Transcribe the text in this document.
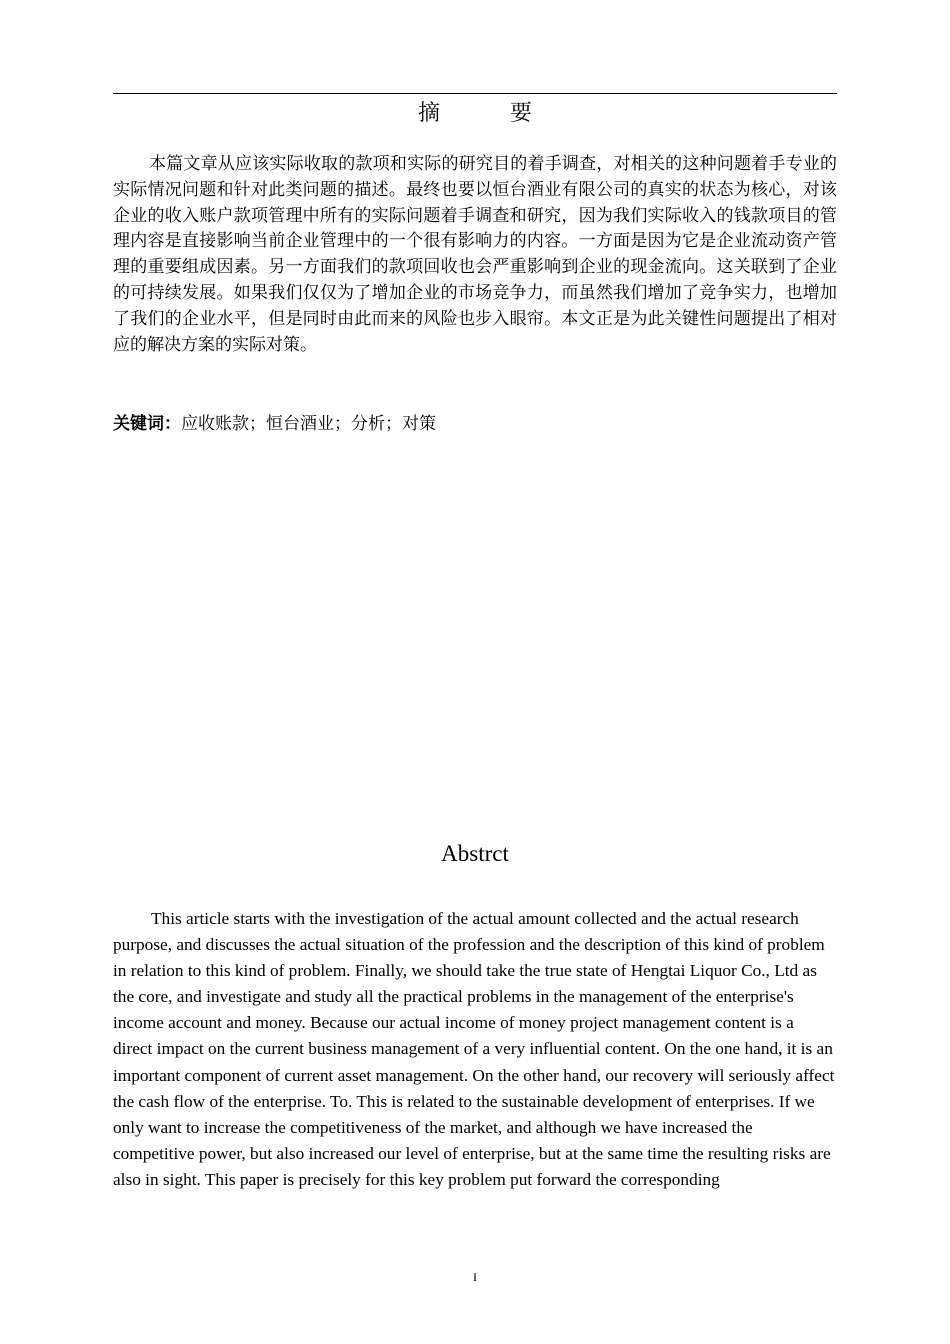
摘　要
本篇文章从应该实际收取的款项和实际的研究目的着手调查，对相关的这种问题着手专业的实际情况问题和针对此类问题的描述。最终也要以恒台酒业有限公司的真实的状态为核心，对该企业的收入账户款项管理中所有的实际问题着手调查和研究，因为我们实际收入的钱款项目的管理内容是直接影响当前企业管理中的一个很有影响力的内容。一方面是因为它是企业流动资产管理的重要组成因素。另一方面我们的款项回收也会严重影响到企业的现金流向。这关联到了企业的可持续发展。如果我们仅仅为了增加企业的市场竞争力，而虽然我们增加了竞争实力，也增加了我们的企业水平，但是同时由此而来的风险也步入眼帘。本文正是为此关键性问题提出了相对应的解决方案的实际对策。
关键词：应收账款；恒台酒业；分析；对策
Abstrct
This article starts with the investigation of the actual amount collected and the actual research purpose, and discusses the actual situation of the profession and the description of this kind of problem in relation to this kind of problem. Finally, we should take the true state of Hengtai Liquor Co., Ltd as the core, and investigate and study all the practical problems in the management of the enterprise's income account and money. Because our actual income of money project management content is a direct impact on the current business management of a very influential content. On the one hand, it is an important component of current asset management. On the other hand, our recovery will seriously affect the cash flow of the enterprise. To. This is related to the sustainable development of enterprises. If we only want to increase the competitiveness of the market, and although we have increased the competitive power, but also increased our level of enterprise, but at the same time the resulting risks are also in sight. This paper is precisely for this key problem put forward the corresponding
I
